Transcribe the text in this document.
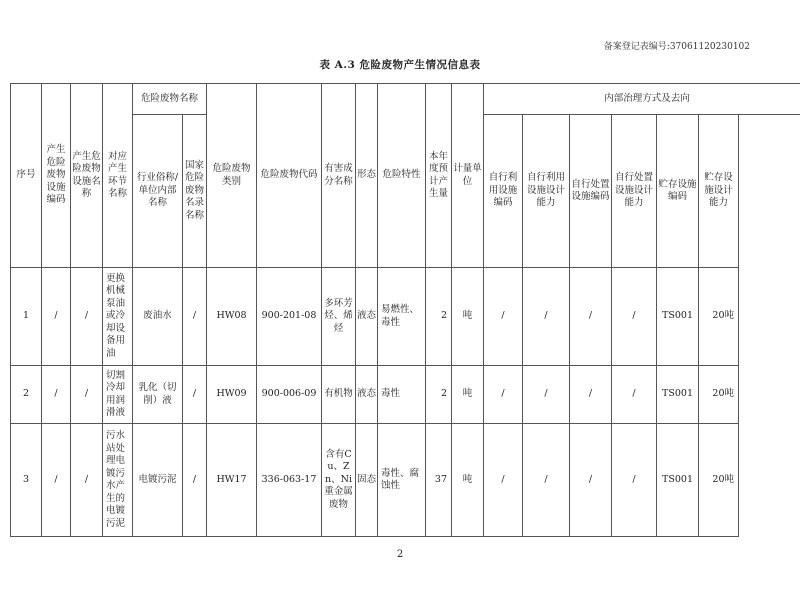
备案登记表编号:37061120230102
表 A.3 危险废物产生情况信息表
序号	产生危险废物设施编码	产生危险废物设施名称	对应产生环节名称	危险废物名称		危险废物类别	危险废物代码	有害成分名称	形态	危险特性	本年度预计产生量	计量单位	内部治理方式及去向					
				行业俗称/单位内部名称	国家危险废物名录名称								自行利用设施编码	自行利用设施设计能力	自行处置设施编码	自行处置设施设计能力	贮存设施编码	贮存设施设计能力

1	/	/	更换机械泵油或冷却设备用油	废油水	/	HW08	900-201-08	多环芳烃、烯烃	液态	易燃性、毒性	2	吨	/	/	/	/	TS001	20吨
2	/	/	切割冷却用润滑液	乳化（切削）液	/	HW09	900-006-09	有机物	液态	毒性	2	吨	/	/	/	/	TS001	20吨
3	/	/	污水站处理电镀污水产生的电镀污泥	电镀污泥	/	HW17	336-063-17	含有Cu、Zn、Ni重金属废物	固态	毒性、腐蚀性	37	吨	/	/	/	/	TS001	20吨
2
